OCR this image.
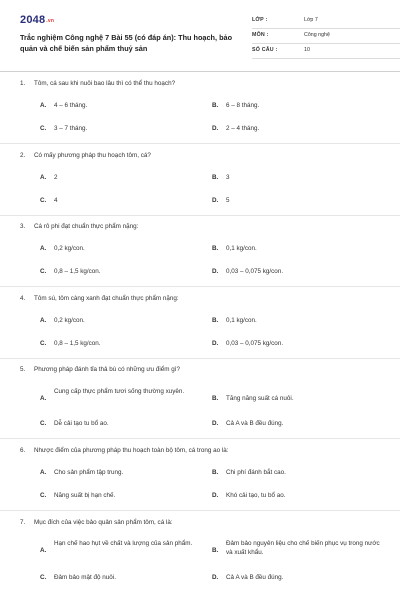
2048.vn
Trắc nghiệm Công nghệ 7 Bài 55 (có đáp án): Thu hoạch, bảo quản và chế biến sản phẩm thuỷ sản
LỚP :	Lớp 7
MÔN :	Công nghệ
SỐ CÂU :	10
1. Tôm, cá sau khi nuôi bao lâu thì có thể thu hoạch?
A. 4 – 6 tháng.	B. 6 – 8 tháng.
C. 3 – 7 tháng.	D. 2 – 4 tháng.
2. Có mấy phương pháp thu hoạch tôm, cá?
A. 2	B. 3
C. 4	D. 5
3. Cá rô phi đạt chuẩn thực phẩm nặng:
A. 0,2 kg/con.	B. 0,1 kg/con.
C. 0,8 – 1,5 kg/con.	D. 0,03 – 0,075 kg/con.
4. Tôm sú, tôm càng xanh đạt chuẩn thực phẩm nặng:
A. 0,2 kg/con.	B. 0,1 kg/con.
C. 0,8 – 1,5 kg/con.	D. 0,03 – 0,075 kg/con.
5. Phương pháp đánh tỉa thả bù có những ưu điểm gì?
A.
Cung cấp thực phẩm tươi sống thường xuyên.
B. Tăng năng suất cá nuôi.
C. Dễ cải tạo tu bổ ao.	D. Cả A và B đều đúng.
6. Nhược điểm của phương pháp thu hoạch toàn bộ tôm, cá trong ao là:
A. Cho sản phẩm tập trung.	B. Chi phí đánh bắt cao.
C. Năng suất bị hạn chế.	D. Khó cải tạo, tu bổ ao.
7. Mục đích của việc bảo quản sản phẩm tôm, cá là:
A.
Hạn chế hao hụt về chất và lượng của sản phẩm.
B.
Đảm bảo nguyên liệu cho chế biến phục vụ trong nước và xuất khẩu.
C. Đảm bảo mật độ nuôi.	D. Cả A và B đều đúng.
